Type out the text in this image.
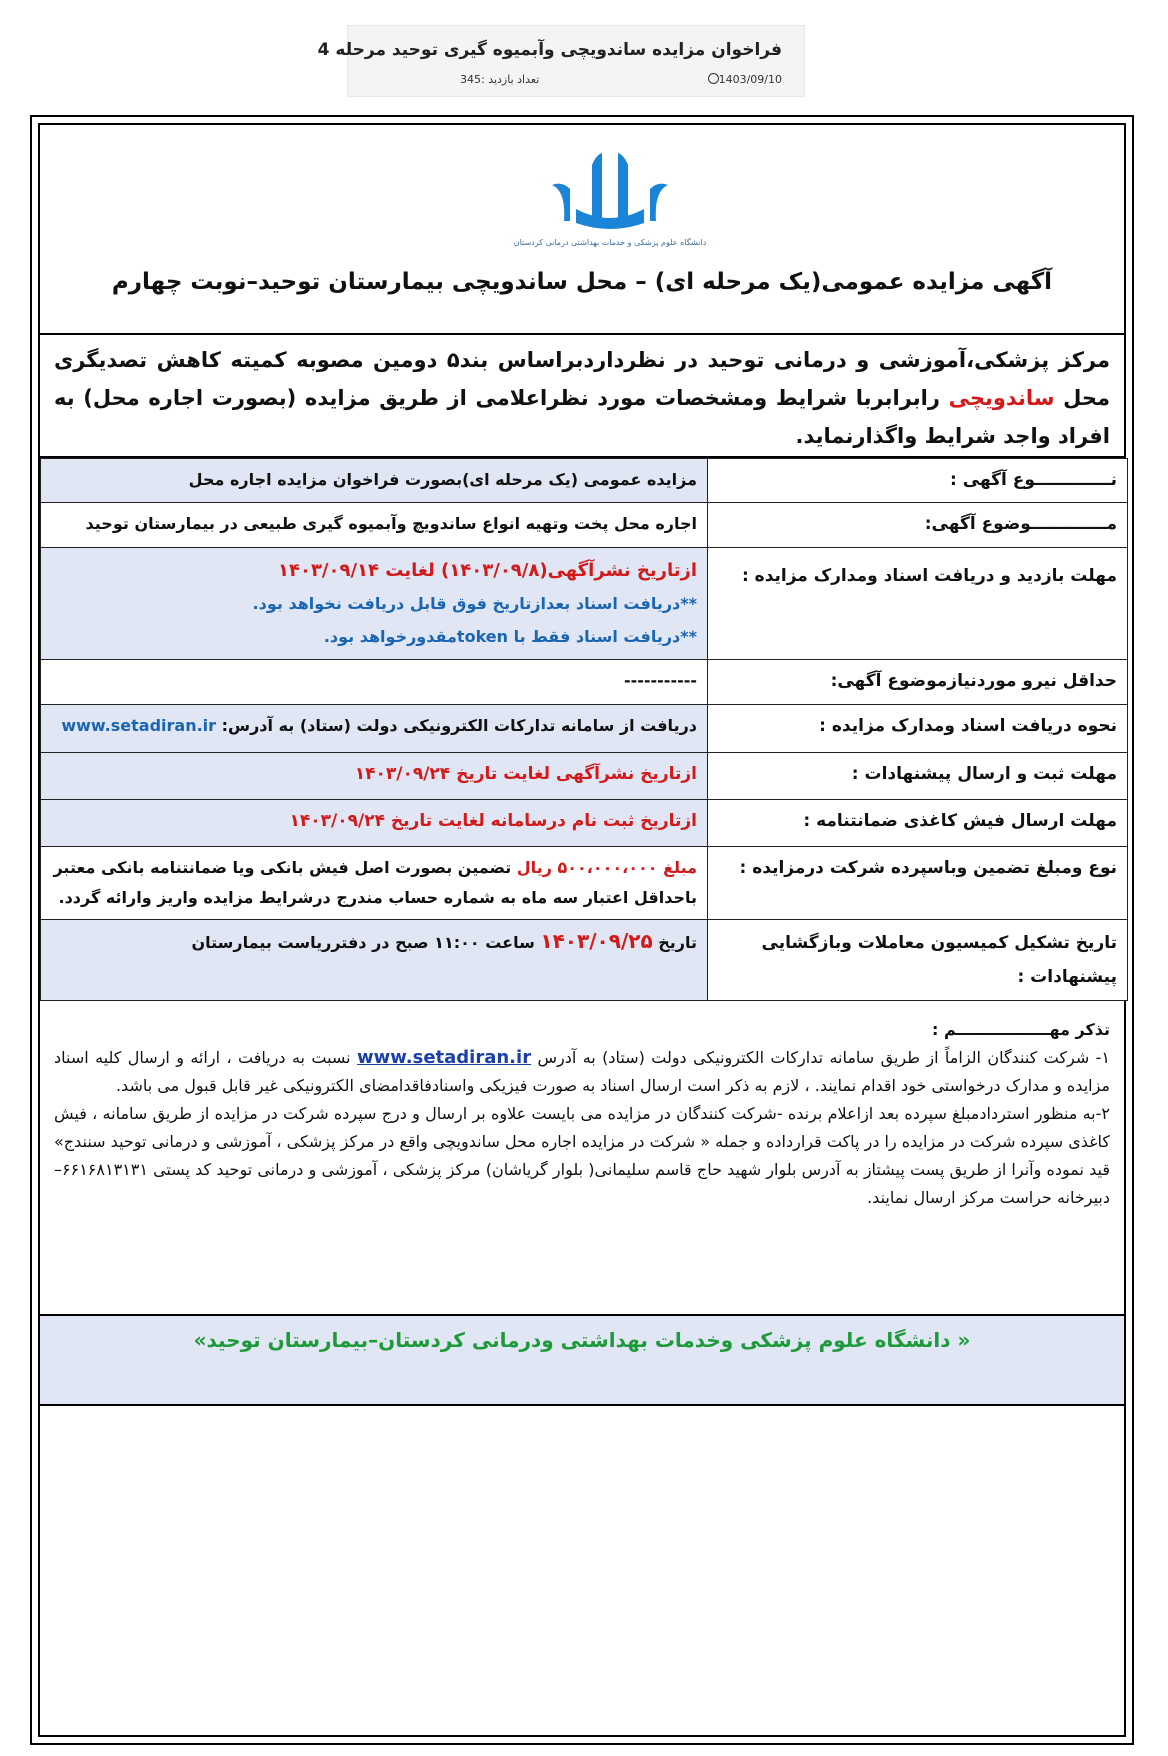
فراخوان مزایده ساندویچی وآبمیوه گیری توحید مرحله 4
1403/09/10
تعداد بازدید :345
دانشگاه علوم پزشکی و خدمات بهداشتی درمانی کردستان
آگهی مزایده عمومی(یک مرحله ای) – محل ساندویچی بیمارستان توحید–نوبت چهارم
مرکز پزشکی،آموزشی و درمانی توحید در نظرداردبراساس بند۵ دومین مصوبه کمیته کاهش تصدیگری محل ساندویچی رابرابربا شرایط ومشخصات مورد نظراعلامی از طریق مزایده (بصورت اجاره محل) به افراد واجد شرایط واگذارنماید.
نـــــــــــــوع آگهی :	مزایده عمومی (یک مرحله ای)بصورت فراخوان مزایده اجاره محل
مـــــــــــــوضوع آگهی:	اجاره محل پخت وتهیه انواع ساندویچ وآبمیوه گیری طبیعی در بیمارستان توحید
مهلت بازدید و دریافت اسناد ومدارک مزایده :	ازتاریخ نشرآگهی(۱۴۰۳/۰۹/۸) لغایت ۱۴۰۳/۰۹/۱۴
**دریافت اسناد بعدازتاریخ فوق قابل دریافت نخواهد بود.
**دریافت اسناد فقط با tokenمقدورخواهد بود.

حداقل نیرو موردنیازموضوع آگهی:	-----------
نحوه دریافت اسناد ومدارک مزایده :	دریافت از سامانه تدارکات الکترونیکی دولت (ستاد) به آدرس: www.setadiran.ir
مهلت ثبت و ارسال پیشنهادات :	ازتاریخ نشرآگهی لغایت تاریخ ۱۴۰۳/۰۹/۲۴
مهلت ارسال فیش کاغذی ضمانتنامه :	ازتاریخ ثبت نام درسامانه لغایت تاریخ ۱۴۰۳/۰۹/۲۴
نوع ومبلغ تضمین وباسپرده شرکت درمزایده :	مبلغ ۵۰۰،۰۰۰،۰۰۰ ریال تضمین بصورت اصل فیش بانکی ویا ضمانتنامه بانکی معتبر باحداقل اعتبار سه ماه به شماره حساب مندرج درشرایط مزایده واریز وارائه گردد.
تاریخ تشکیل کمیسیون معاملات وبازگشایی پیشنهادات :	تاریخ ۱۴۰۳/۰۹/۲۵ ساعت ۱۱:۰۰ صبح در دفترریاست بیمارستان

تذکر مهـــــــــــــــــم :

۱- شرکت کنندگان الزاماً از طریق سامانه تدارکات الکترونیکی دولت (ستاد) به آدرس www.setadiran.ir نسبت به دریافت ، ارائه و ارسال کلیه اسناد مزایده و مدارک درخواستی خود اقدام نمایند. ، لازم به ذکر است ارسال اسناد به صورت فیزیکی واسنادفاقدامضای الکترونیکی غیر قابل قبول می باشد.

۲-به منظور استردادمبلغ سپرده بعد ازاعلام برنده -شرکت کنندگان در مزایده می بایست علاوه بر ارسال و درج سپرده شرکت در مزایده از طریق سامانه ، فیش کاغذی سپرده شرکت در مزایده را در پاکت قرارداده و جمله « شرکت در مزایده اجاره محل ساندویچی واقع در مرکز پزشکی ، آموزشی و درمانی توحید سنندج» قید نموده وآنرا از طریق پست پیشتاز به آدرس بلوار شهید حاج قاسم سلیمانی( بلوار گریاشان) مرکز پزشکی ، آموزشی و درمانی توحید کد پستی ۶۶۱۶۸۱۳۱۳۱– دبیرخانه حراست مرکز ارسال نمایند.

« دانشگاه علوم پزشکی وخدمات بهداشتی ودرمانی کردستان–بیمارستان توحید»
